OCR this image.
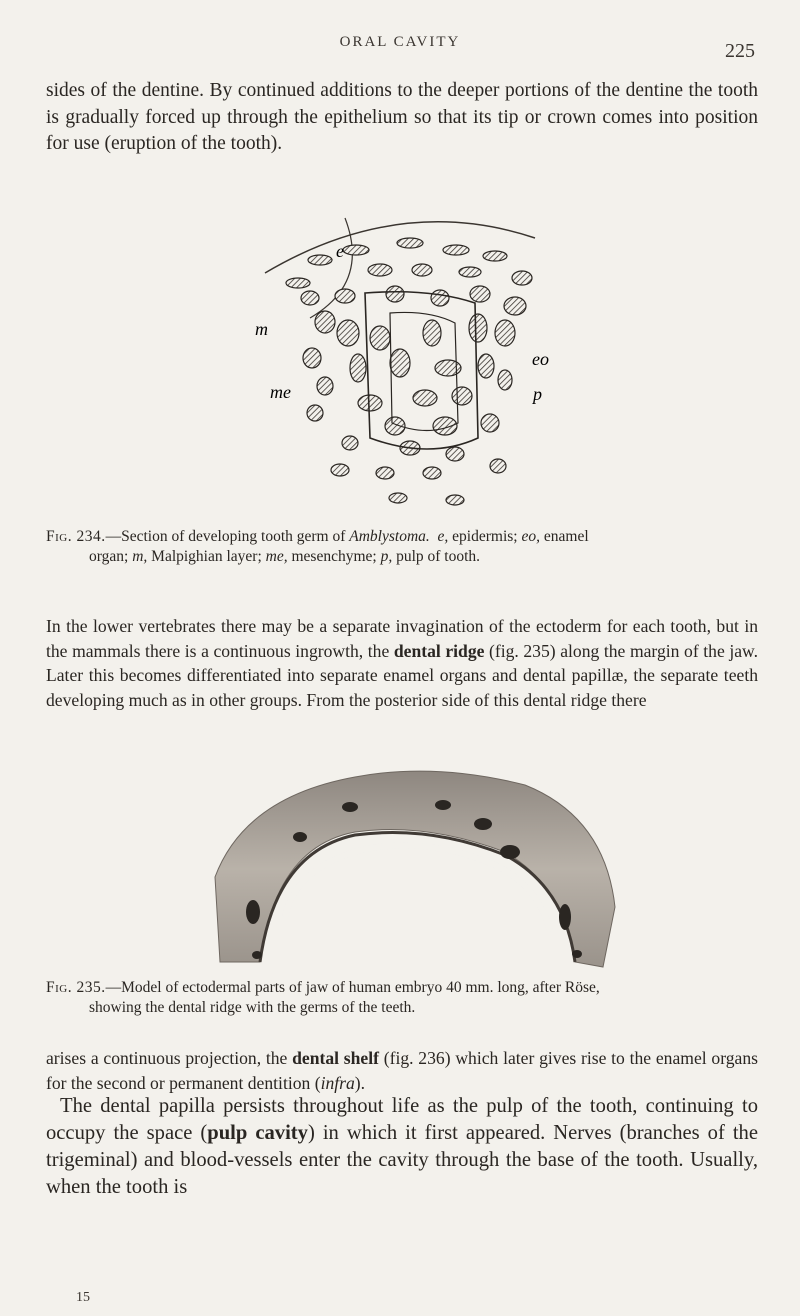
ORAL CAVITY	225

sides of the dentine. By continued additions to the deeper portions of the dentine the tooth is gradually forced up through the epithelium so that its tip or crown comes into position for use (eruption of the tooth).

e
m
me
eo
p
Fig. 234.—Section of developing tooth germ of Amblystoma. e, epidermis; eo, enamel
organ; m, Malpighian layer; me, mesenchyme; p, pulp of tooth.

In the lower vertebrates there may be a separate invagination of the ectoderm for each tooth, but in the mammals there is a continuous ingrowth, the dental ridge (fig. 235) along the margin of the jaw. Later this becomes differentiated into separate enamel organs and dental papillæ, the separate teeth developing much as in other groups. From the posterior side of this dental ridge there

Fig. 235.—Model of ectodermal parts of jaw of human embryo 40 mm. long, after Röse,
showing the dental ridge with the germs of the teeth.

arises a continuous projection, the dental shelf (fig. 236) which later gives rise to the enamel organs for the second or permanent dentition (infra).

The dental papilla persists throughout life as the pulp of the tooth, continuing to occupy the space (pulp cavity) in which it first appeared. Nerves (branches of the trigeminal) and blood-vessels enter the cavity through the base of the tooth. Usually, when the tooth is

15
